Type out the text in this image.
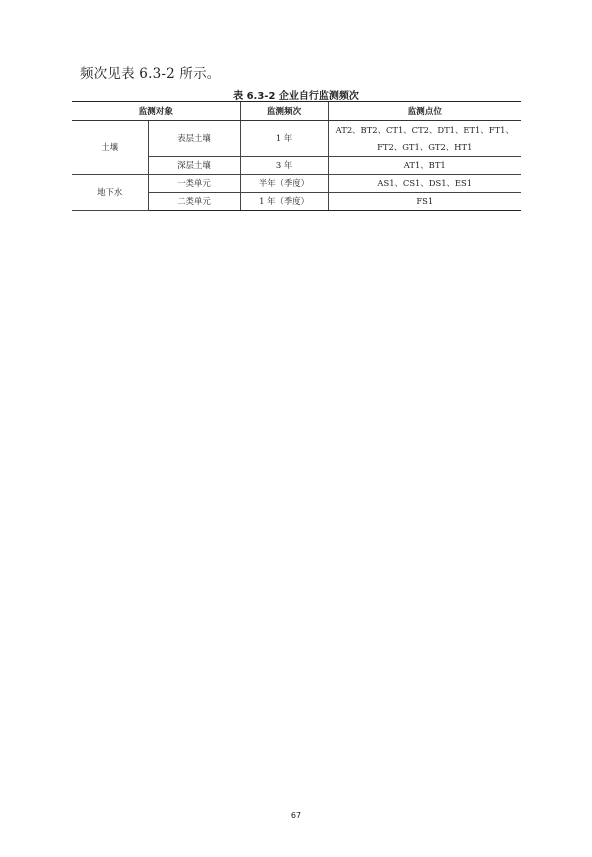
频次见表 6.3-2 所示。
表 6.3-2 企业自行监测频次
监测对象		监测频次	监测点位
土壤	表层土壤	1 年	AT2、BT2、CT1、CT2、DT1、ET1、FT1、
FT2、GT1、GT2、HT1

	深层土壤	3 年	AT1、BT1
地下水	一类单元	半年（季度）	AS1、CS1、DS1、ES1
	二类单元	1 年（季度）	FS1
67
